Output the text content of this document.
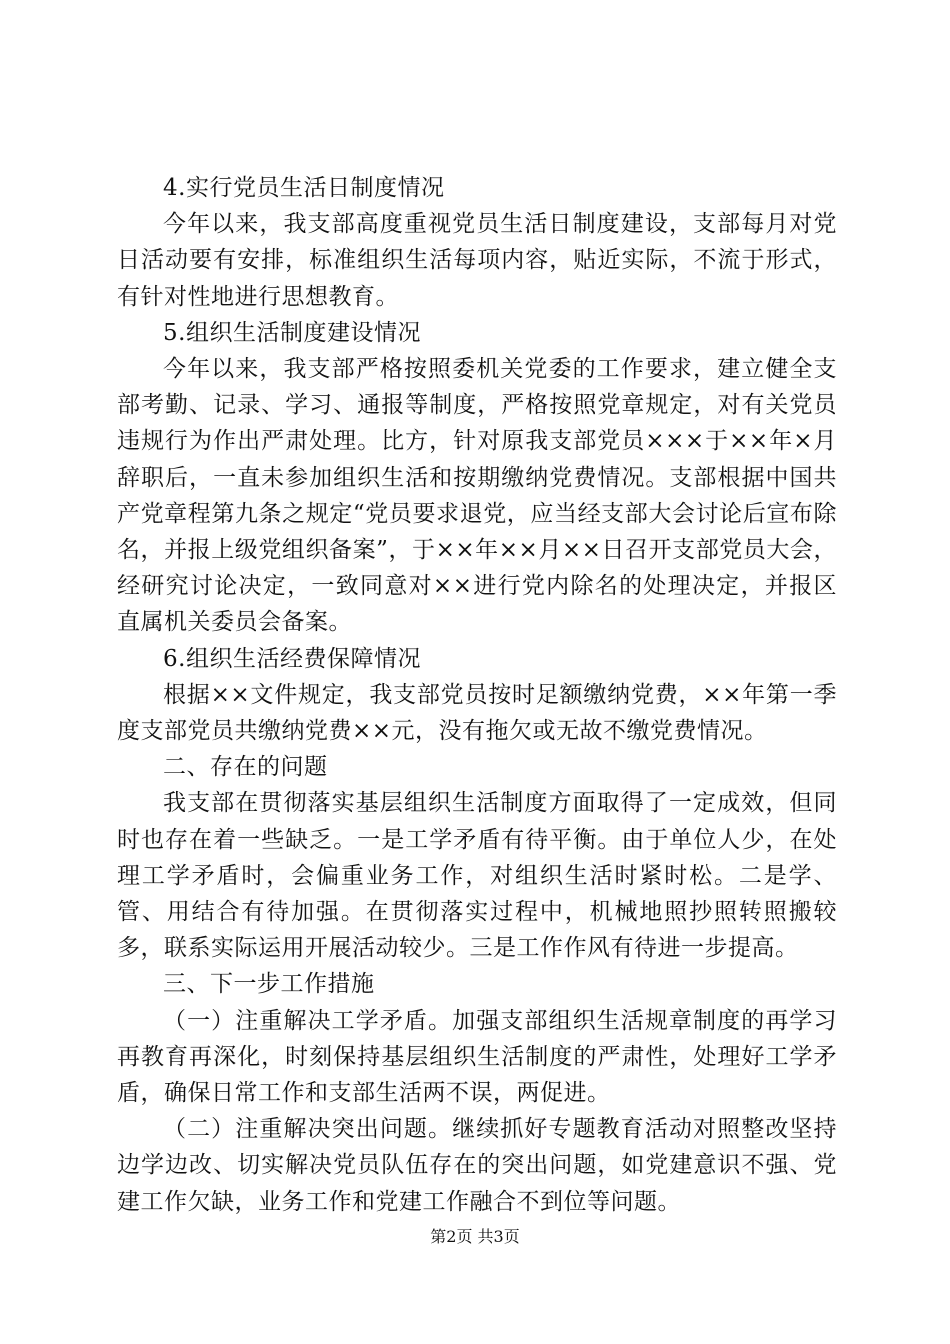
4.实行党员生活日制度情况

今年以来，我支部高度重视党员生活日制度建设，支部每月对党日活动要有安排，标准组织生活每项内容，贴近实际，不流于形式，有针对性地进行思想教育。

5.组织生活制度建设情况

今年以来，我支部严格按照委机关党委的工作要求，建立健全支部考勤、记录、学习、通报等制度，严格按照党章规定，对有关党员违规行为作出严肃处理。比方，针对原我支部党员×××于××年×月辞职后，一直未参加组织生活和按期缴纳党费情况。支部根据中国共产党章程第九条之规定“党员要求退党，应当经支部大会讨论后宣布除名，并报上级党组织备案”，于××年××月××日召开支部党员大会，经研究讨论决定，一致同意对××进行党内除名的处理决定，并报区直属机关委员会备案。

6.组织生活经费保障情况

根据××文件规定，我支部党员按时足额缴纳党费，××年第一季度支部党员共缴纳党费××元，没有拖欠或无故不缴党费情况。

二、存在的问题

我支部在贯彻落实基层组织生活制度方面取得了一定成效，但同时也存在着一些缺乏。一是工学矛盾有待平衡。由于单位人少，在处理工学矛盾时，会偏重业务工作，对组织生活时紧时松。二是学、管、用结合有待加强。在贯彻落实过程中，机械地照抄照转照搬较多，联系实际运用开展活动较少。三是工作作风有待进一步提高。

三、下一步工作措施

（一）注重解决工学矛盾。加强支部组织生活规章制度的再学习再教育再深化，时刻保持基层组织生活制度的严肃性，处理好工学矛盾，确保日常工作和支部生活两不误，两促进。

（二）注重解决突出问题。继续抓好专题教育活动对照整改坚持边学边改、切实解决党员队伍存在的突出问题，如党建意识不强、党建工作欠缺，业务工作和党建工作融合不到位等问题。

第2页 共3页
